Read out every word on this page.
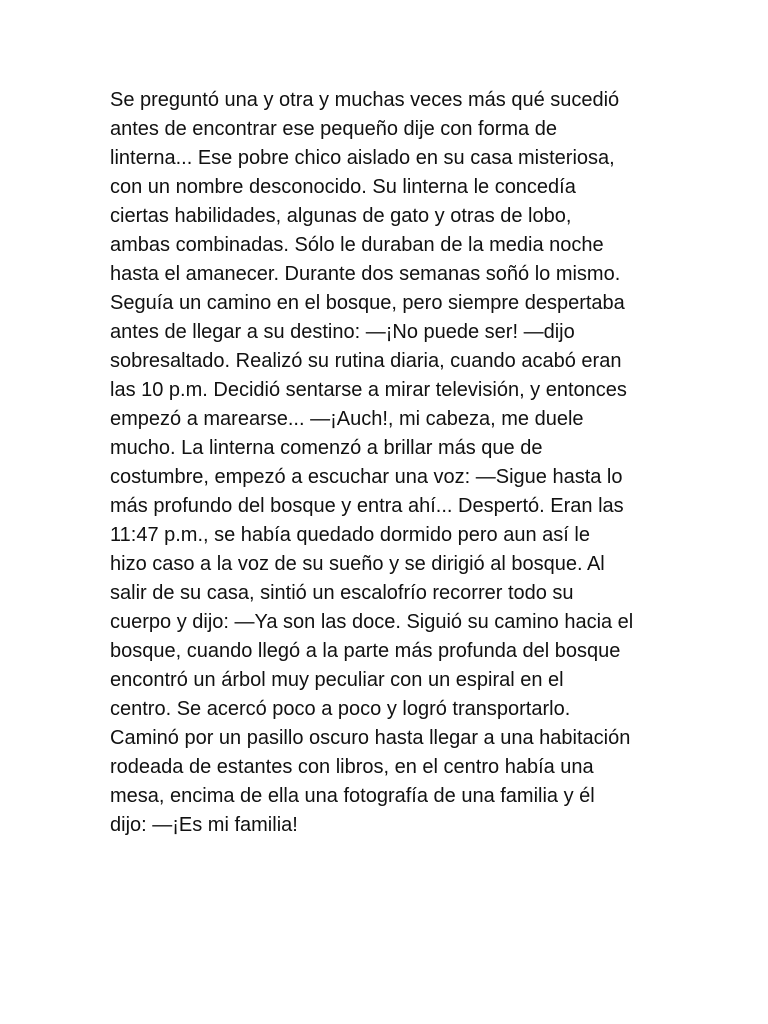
Se preguntó una y otra y muchas veces más qué sucedió
antes de encontrar ese pequeño dije con forma de
linterna... Ese pobre chico aislado en su casa misteriosa,
con un nombre desconocido. Su linterna le concedía
ciertas habilidades, algunas de gato y otras de lobo,
ambas combinadas. Sólo le duraban de la media noche
hasta el amanecer. Durante dos semanas soñó lo mismo.
Seguía un camino en el bosque, pero siempre despertaba
antes de llegar a su destino: —¡No puede ser! —dijo
sobresaltado. Realizó su rutina diaria, cuando acabó eran
las 10 p.m. Decidió sentarse a mirar televisión, y entonces
empezó a marearse... —¡Auch!, mi cabeza, me duele
mucho. La linterna comenzó a brillar más que de
costumbre, empezó a escuchar una voz: —Sigue hasta lo
más profundo del bosque y entra ahí... Despertó. Eran las
11:47 p.m., se había quedado dormido pero aun así le
hizo caso a la voz de su sueño y se dirigió al bosque. Al
salir de su casa, sintió un escalofrío recorrer todo su
cuerpo y dijo: —Ya son las doce. Siguió su camino hacia el
bosque, cuando llegó a la parte más profunda del bosque
encontró un árbol muy peculiar con un espiral en el
centro. Se acercó poco a poco y logró transportarlo.
Caminó por un pasillo oscuro hasta llegar a una habitación
rodeada de estantes con libros, en el centro había una
mesa, encima de ella una fotografía de una familia y él
dijo: —¡Es mi familia!
